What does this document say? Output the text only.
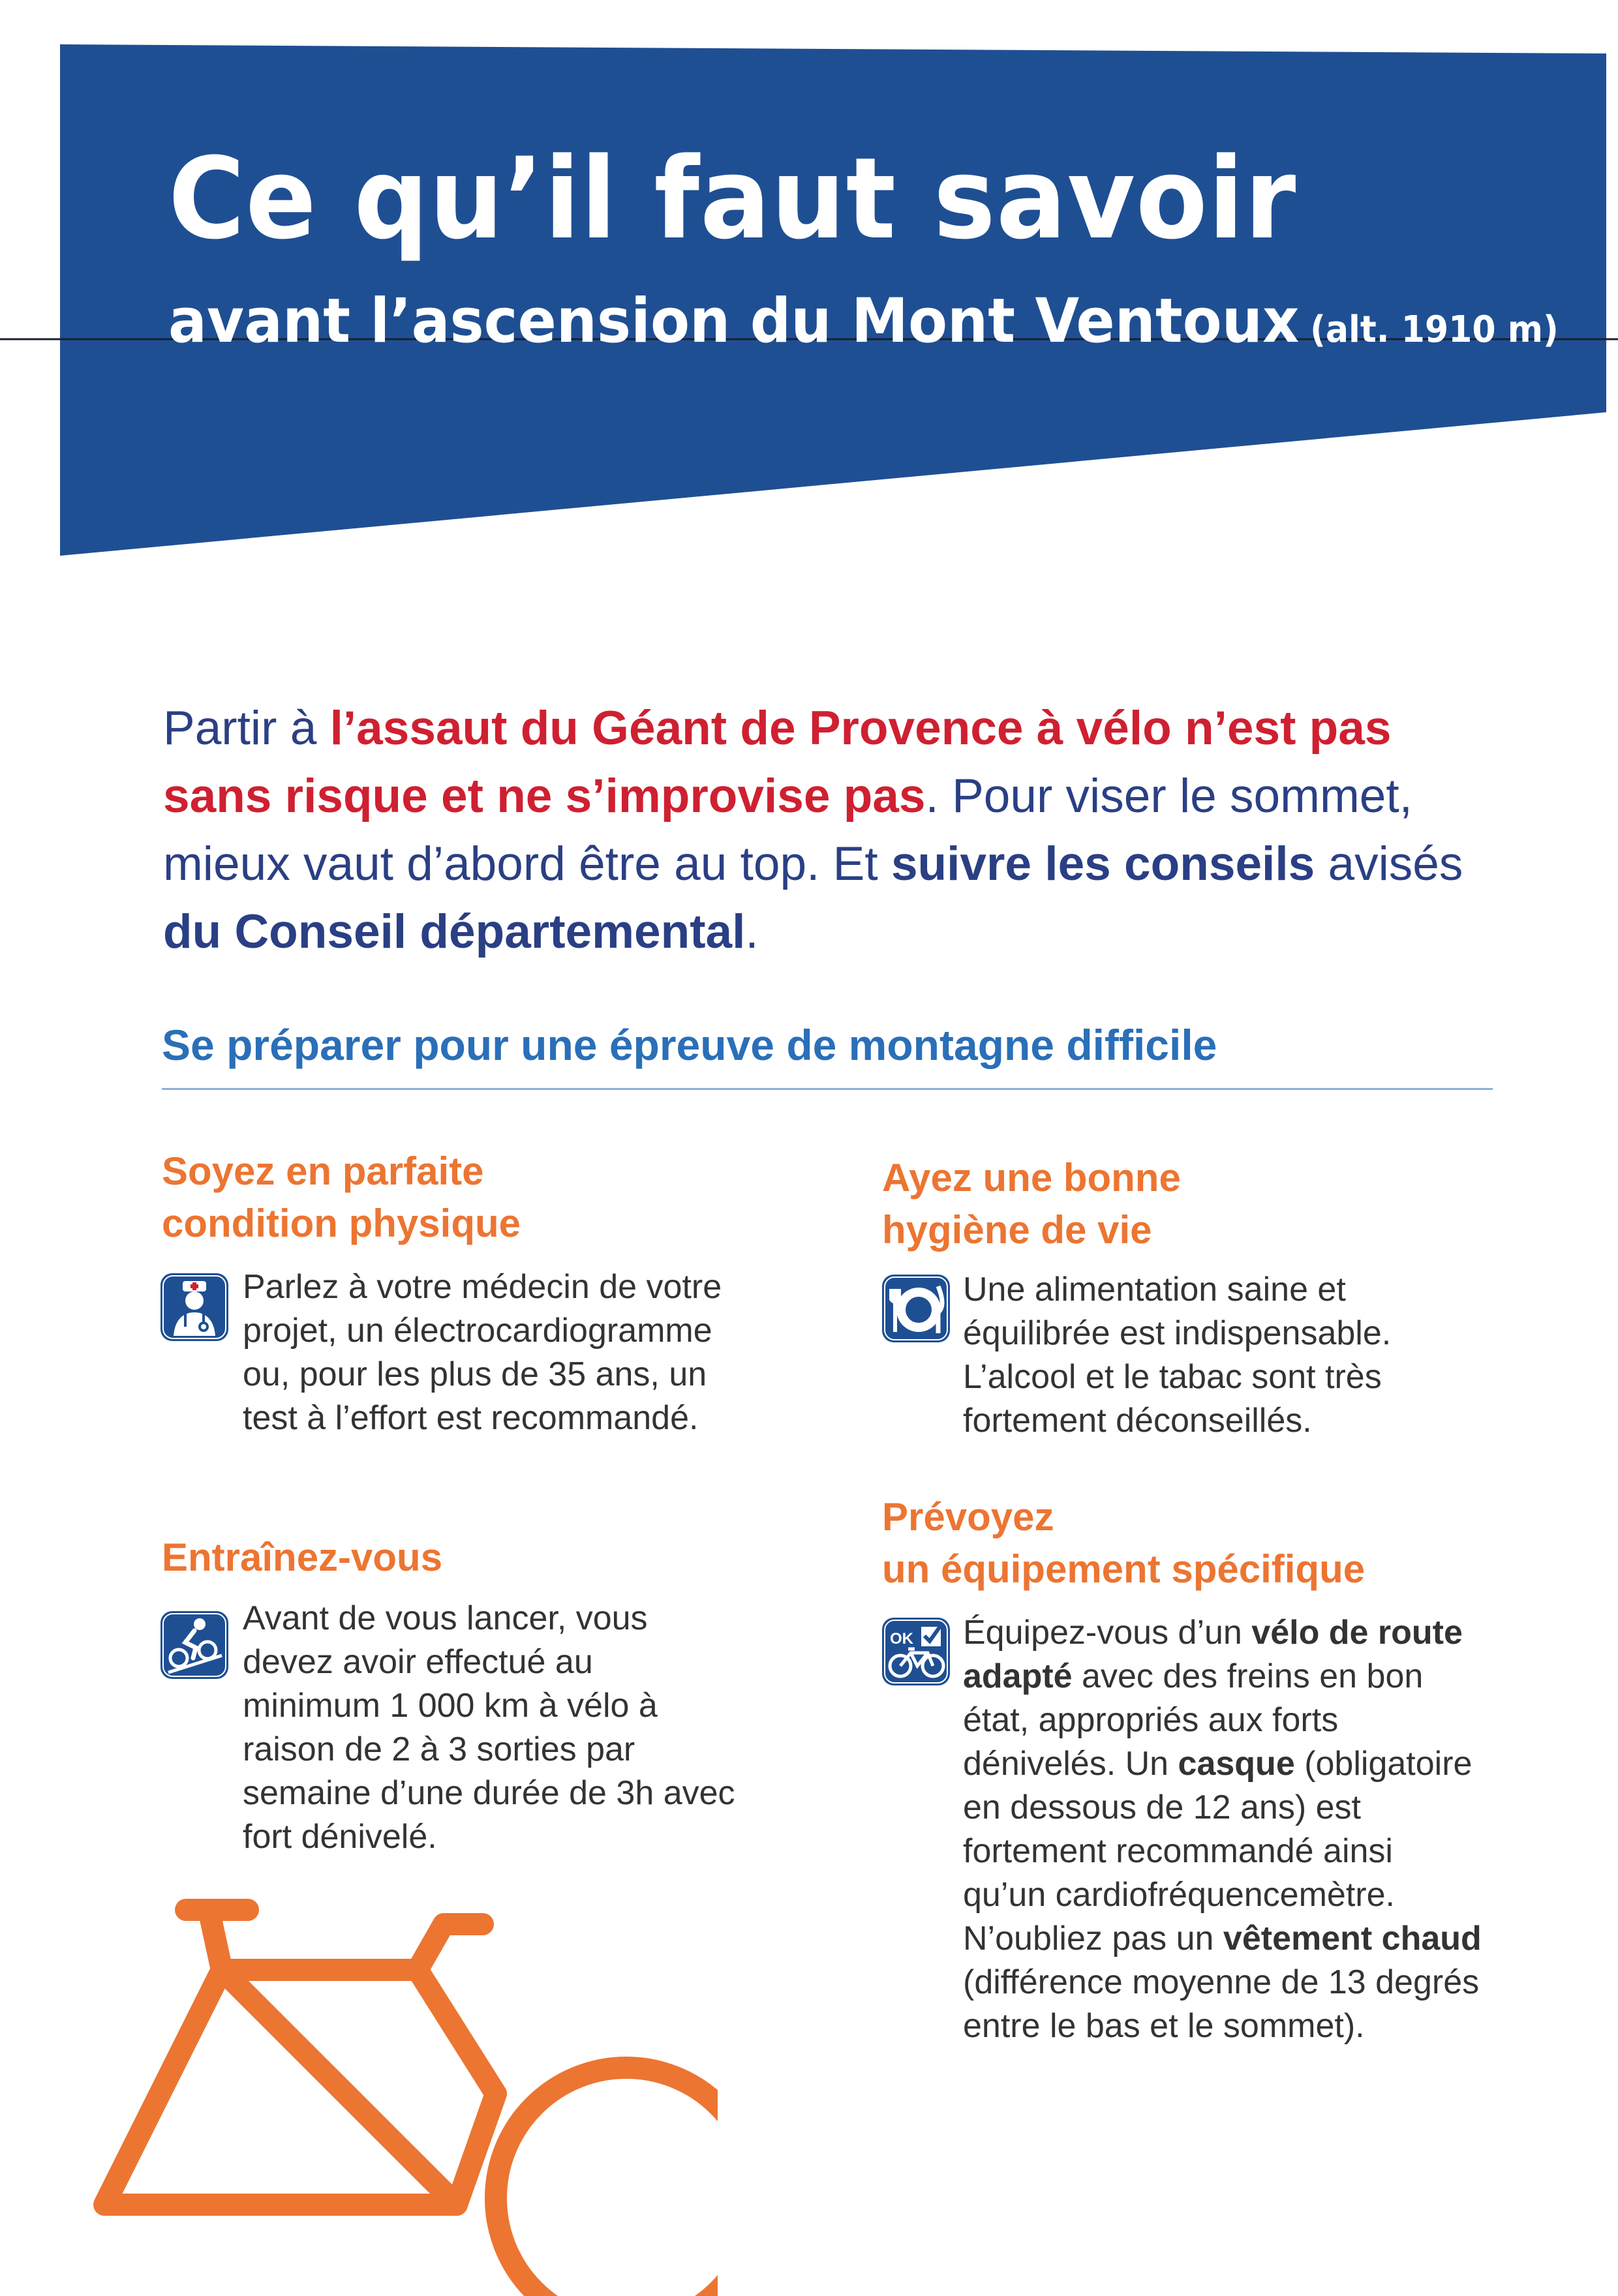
Ce qu’il faut savoir
avant l’ascension du Mont Ventoux (alt. 1910 m)

Partir à l’assaut du Géant de Provence à vélo n’est pas sans risque et ne s’improvise pas. Pour viser le sommet, mieux vaut d’abord être au top. Et suivre les conseils avisés du Conseil départemental.

Se préparer pour une épreuve de montagne difficile
Soyez en parfaite
condition physique
Parlez à votre médecin de votre projet, un électrocardiogramme ou, pour les plus de 35 ans, un test à l’effort est recommandé.
Entraînez-vous
Avant de vous lancer, vous devez avoir effectué au minimum 1 000 km à vélo à raison de 2 à 3 sorties par semaine d’une durée de 3h avec fort dénivelé.
Ayez une bonne
hygiène de vie
Une alimentation saine et équilibrée est indispensable. L’alcool et le tabac sont très fortement déconseillés.
Prévoyez
un équipement spécifique
OK Équipez-vous d’un vélo de route adapté avec des freins en bon état, appropriés aux forts dénivelés. Un casque (obligatoire en dessous de 12 ans) est fortement recommandé ainsi qu’un cardiofréquencemètre. N’oubliez pas un vêtement chaud (différence moyenne de 13 degrés entre le bas et le sommet).
